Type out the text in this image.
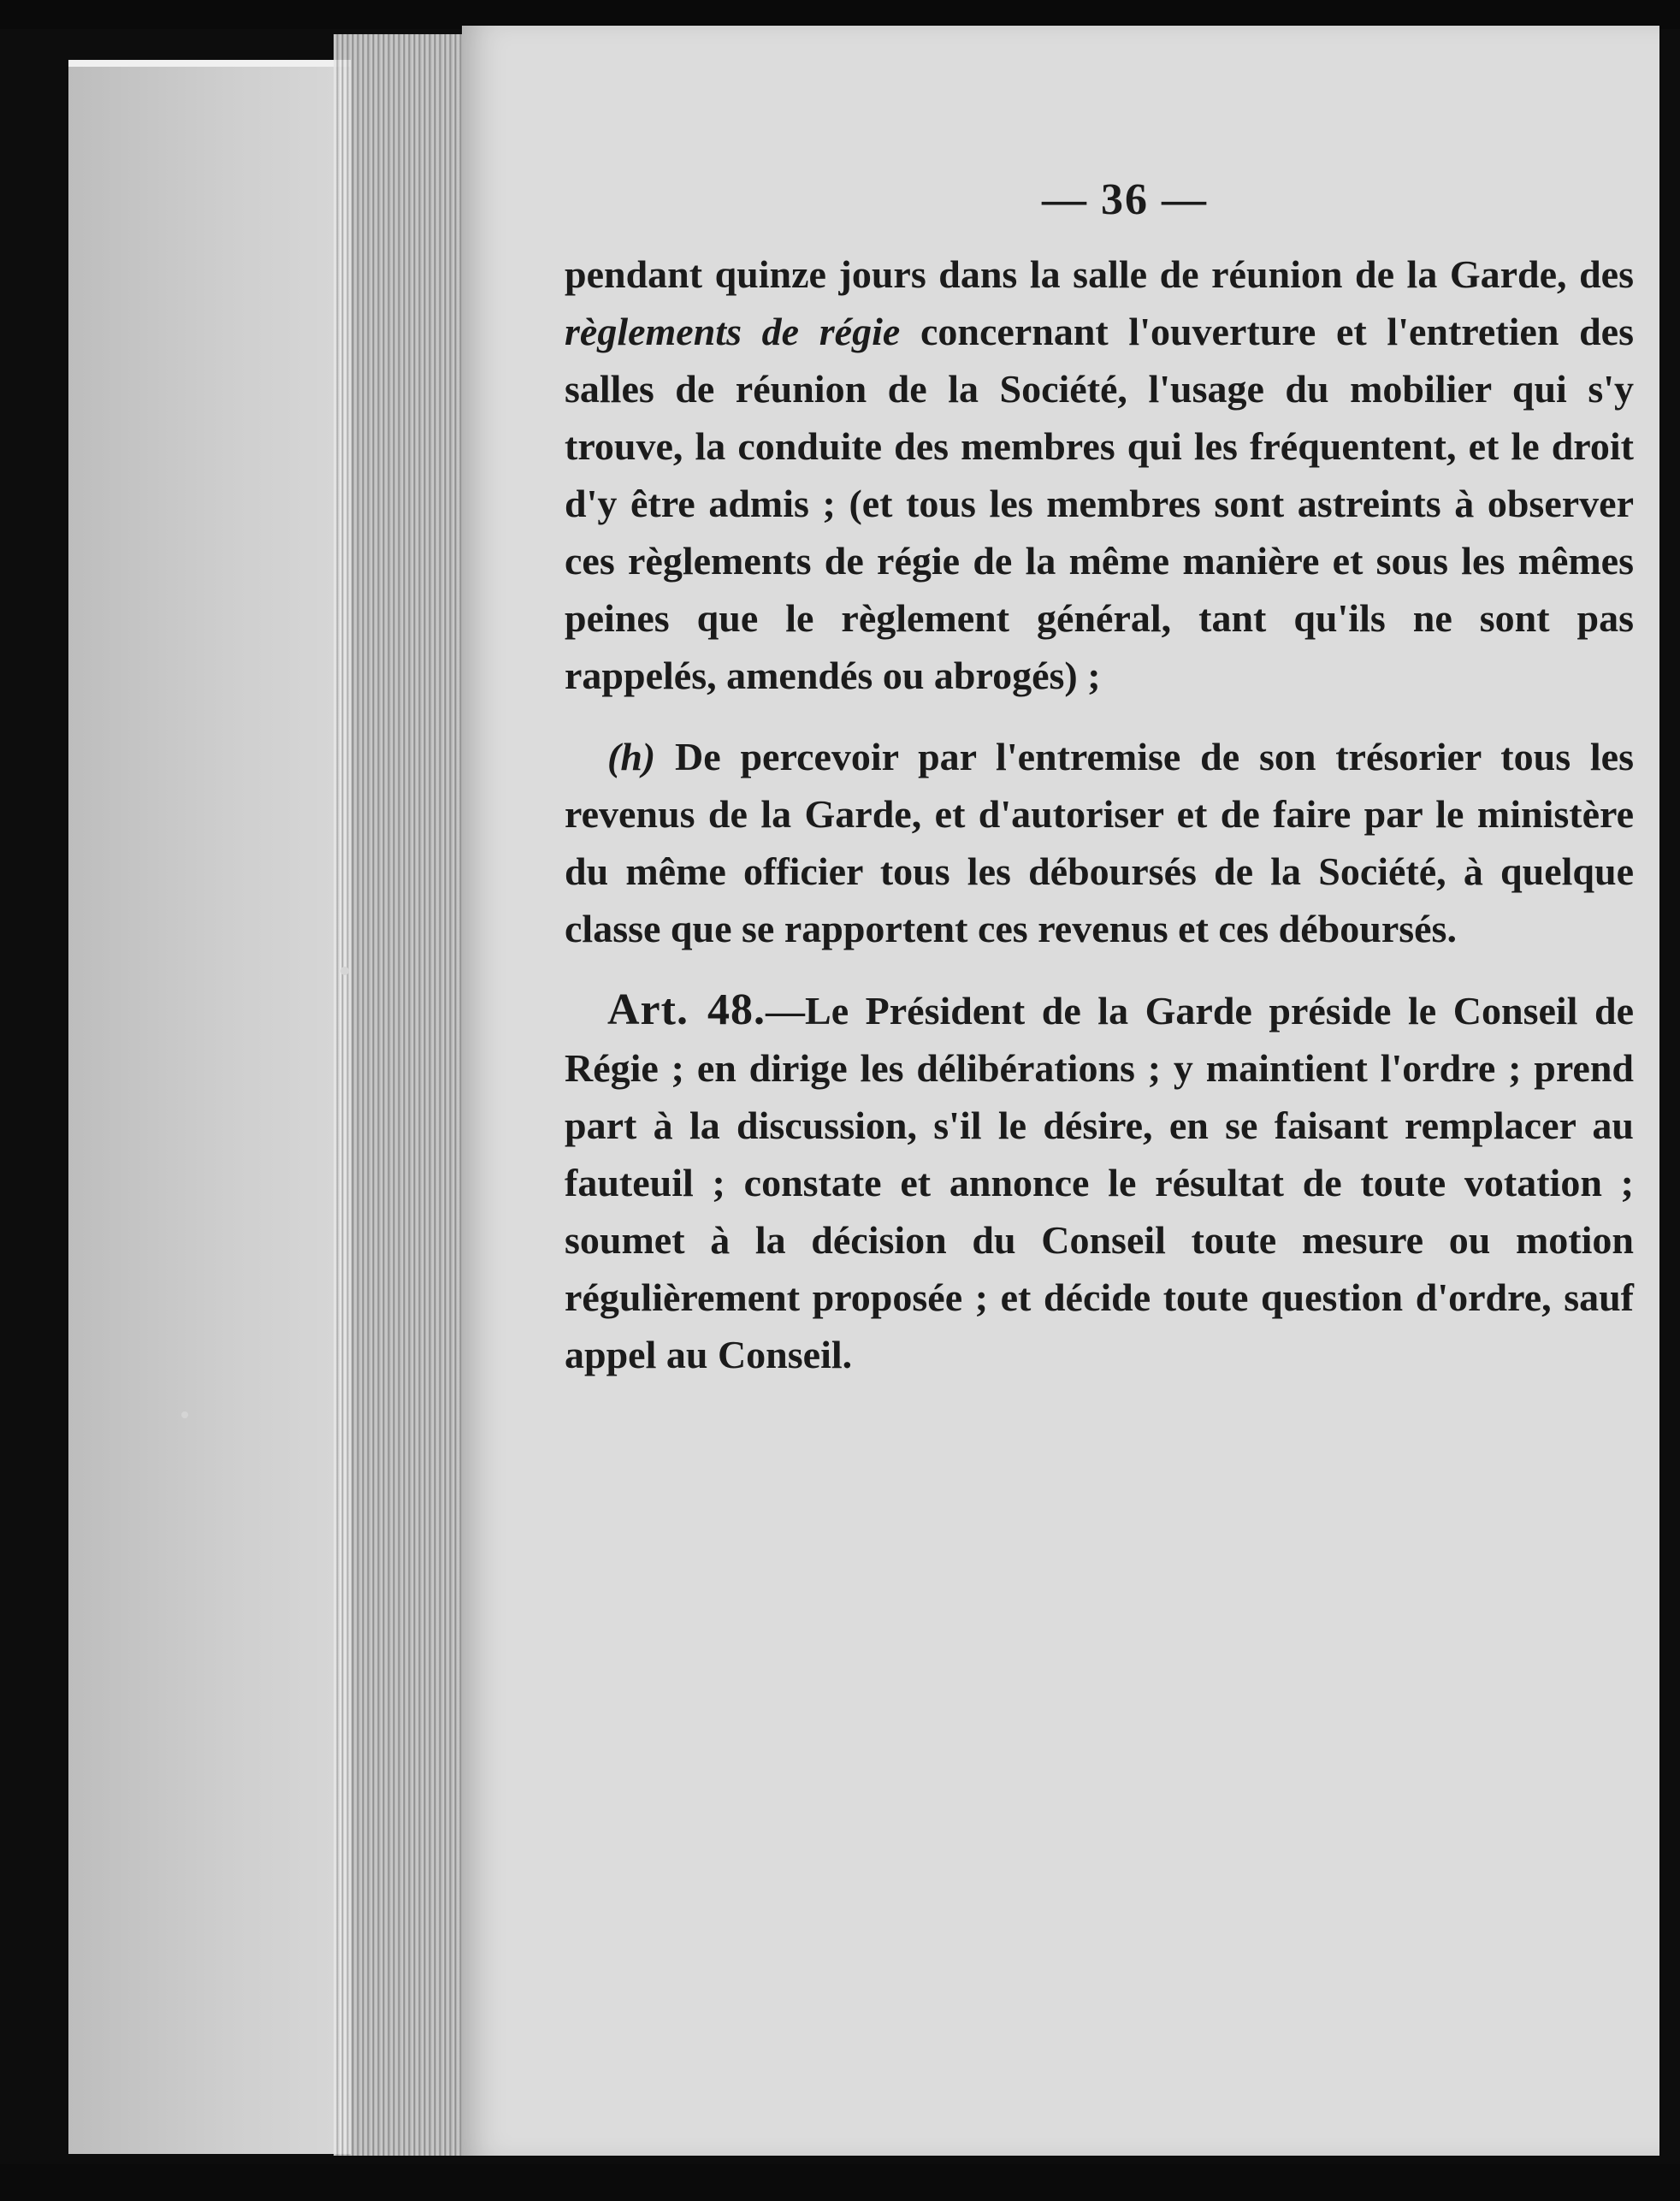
— 36 —

pendant quinze jours dans la salle de réunion de la Garde, des règlements de régie concernant l'ouverture et l'entretien des salles de réunion de la Société, l'usage du mobilier qui s'y trouve, la conduite des membres qui les fréquentent, et le droit d'y être admis ; (et tous les membres sont astreints à observer ces règlements de régie de la même manière et sous les mêmes peines que le règlement général, tant qu'ils ne sont pas rappelés, amendés ou abrogés) ;

(h) De percevoir par l'entremise de son trésorier tous les revenus de la Garde, et d'autoriser et de faire par le ministère du même officier tous les déboursés de la Société, à quelque classe que se rapportent ces revenus et ces déboursés.

Art. 48.—Le Président de la Garde préside le Conseil de Régie ; en dirige les délibérations ; y maintient l'ordre ; prend part à la discussion, s'il le désire, en se faisant remplacer au fauteuil ; constate et annonce le résultat de toute votation ; soumet à la décision du Conseil toute mesure ou motion régulièrement proposée ; et décide toute question d'ordre, sauf appel au Conseil.
